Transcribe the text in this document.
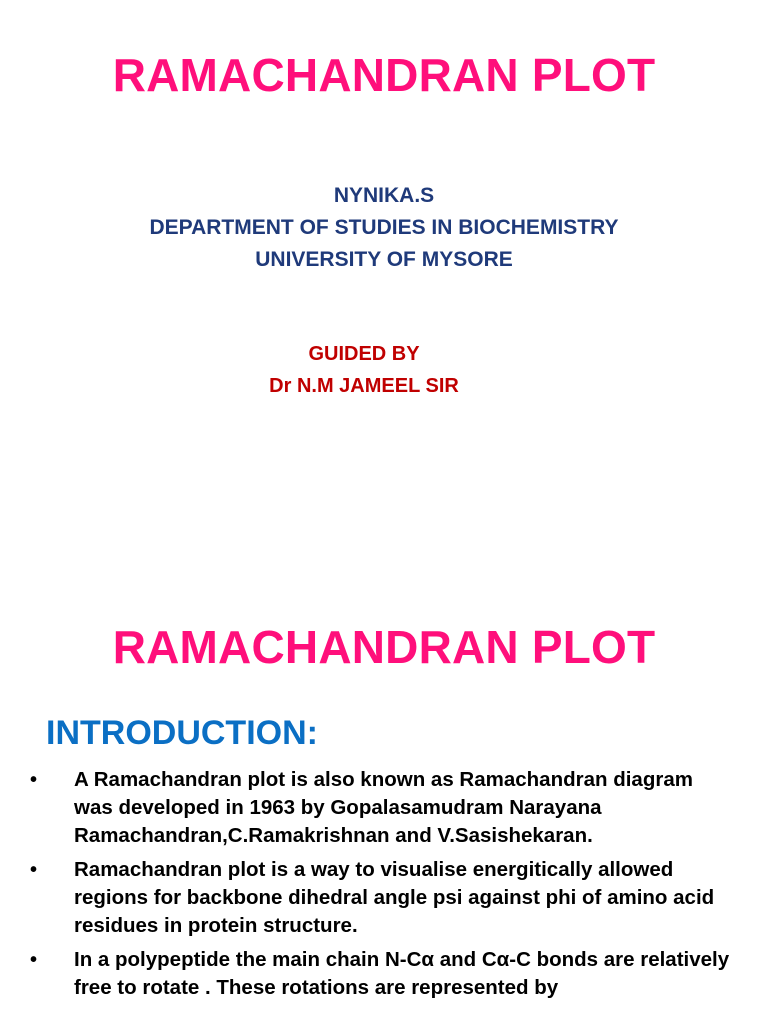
RAMACHANDRAN PLOT
NYNIKA.S
DEPARTMENT OF STUDIES IN BIOCHEMISTRY
UNIVERSITY OF MYSORE
GUIDED BY
Dr N.M JAMEEL SIR
RAMACHANDRAN PLOT
INTRODUCTION:
• A Ramachandran plot is also known as Ramachandran diagram was developed in 1963 by Gopalasamudram Narayana Ramachandran,C.Ramakrishnan and V.Sasishekaran.
• Ramachandran plot is a way to visualise energitically allowed regions for backbone dihedral angle psi against phi of amino acid residues in protein structure.
• In a polypeptide the main chain N-Cα and Cα-C bonds are relatively free to rotate . These rotations are represented by
